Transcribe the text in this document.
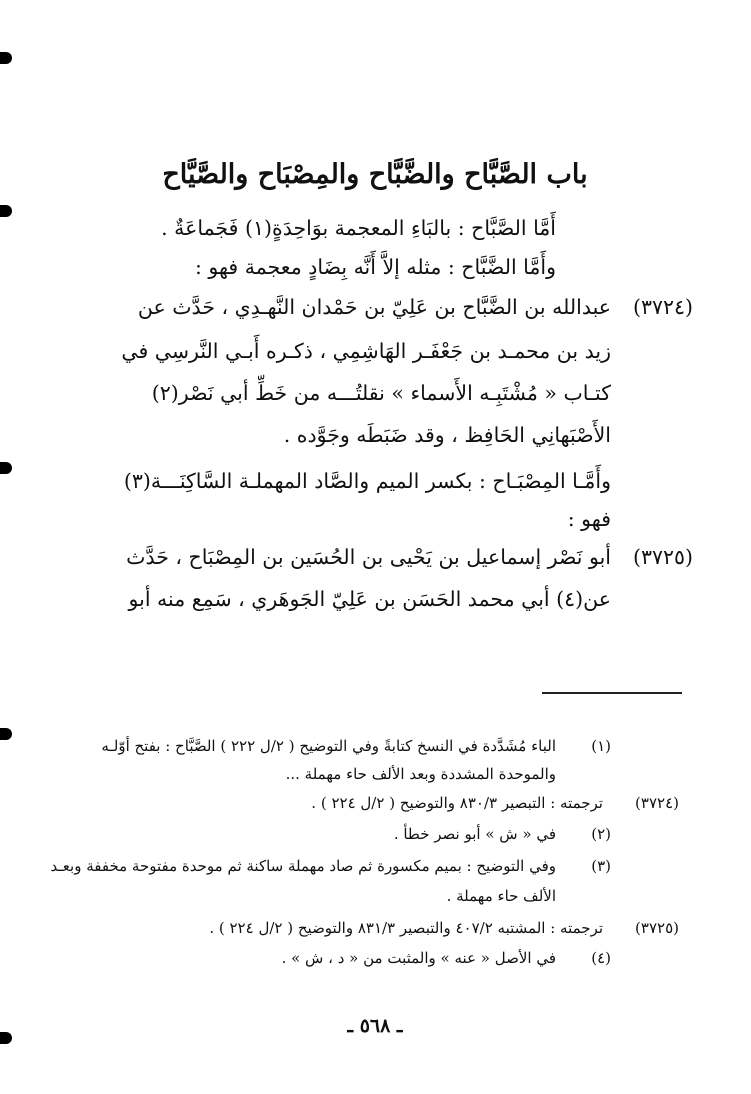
باب الصَّبَّاح والضَّبَّاح والمِصْبَاح والصَّيَّاح
أَمَّا الصَّبَّاح : بالبَاءِ المعجمة بوَاحِدَةٍ(١) فَجَماعَةٌ .
وأَمَّا الضَّبَّاح : مثله إلاَّ أَنَّه بِضَادٍ معجمة فهو :
(٣٧٢٤)
عبدالله بن الضَّبَّاح بن عَلِيّ بن حَمْدان النَّهـدِي ، حَدَّث عن
زيد بن محمـد بن جَعْفَـر الهَاشِمِي ، ذكـره أَبـي النَّرسِي في
كتـاب « مُشْتَبِـه الأَسماء » نقلتُـــه من خَطِّ أبي نَصْر(٢)
الأَصْبَهانِي الحَافِظ ، وقد ضَبَطَه وجَوَّده .
وأَمَّـا المِصْبَـاح : بكسر الميم والصَّاد المهملـة السَّاكِنَـــة(٣)
فهو :
(٣٧٢٥)
أبو نَصْر إسماعيل بن يَحْيى بن الحُسَين بن المِصْبَاح ، حَدَّث
عن(٤) أبي محمد الحَسَن بن عَلِيّ الجَوهَري ، سَمِع منه أبو
(١)
الباء مُشَدَّدة في النسخ كتابةً وفي التوضيح ( ٢/ل ٢٢٢ ) الصَّبَّاح : بفتح أوّلـه
والموحدة المشددة وبعد الألف حاء مهملة ...
(٣٧٢٤)
ترجمته : التبصير ٨٣٠/٣ والتوضيح ( ٢/ل ٢٢٤ ) .
(٢)
في « ش » أبو نصر خطأ .
(٣)
وفي التوضيح : بميم مكسورة ثم صاد مهملة ساكنة ثم موحدة مفتوحة مخففة وبعـد
الألف حاء مهملة .
(٣٧٢٥)
ترجمته : المشتبه ٤٠٧/٢ والتبصير ٨٣١/٣ والتوضيح ( ٢/ل ٢٢٤ ) .
(٤)
في الأصل « عنه » والمثبت من « د ، ش » .
ـ ٥٦٨ ـ
